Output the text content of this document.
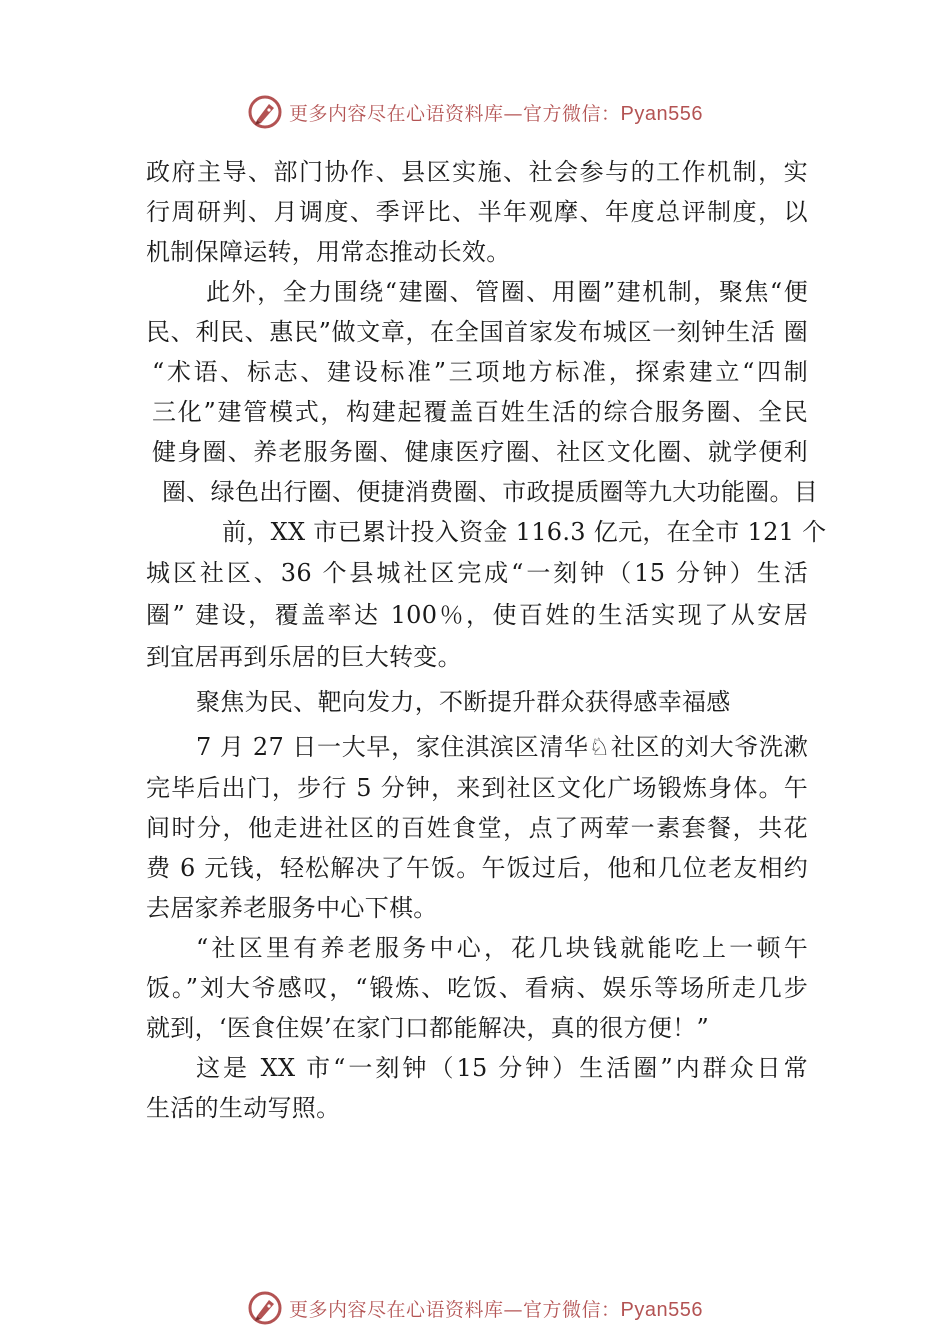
更多内容尽在心语资料库—官方微信：Pyan556
政府主导、部门协作、县区实施、社会参与的工作机制，实
行周研判、月调度、季评比、半年观摩、年度总评制度，以
机制保障运转，用常态推动长效。
此外，全力围绕“建圈、管圈、用圈”建机制，聚焦“便
民、利民、惠民”做文章，在全国首家发布城区一刻钟生活 圈
“术语、标志、建设标准”三项地方标准，探索建立“四制
三化”建管模式，构建起覆盖百姓生活的综合服务圈、全民
健身圈、养老服务圈、健康医疗圈、社区文化圈、就学便利
圈、绿色出行圈、便捷消费圈、市政提质圈等九大功能圈。目
前，XX 市已累计投入资金 116.3 亿元，在全市 121 个
城区社区、36 个县城社区完成“一刻钟（15 分钟）生活
圈” 建设，覆盖率达 100％，使百姓的生活实现了从安居
到宜居再到乐居的巨大转变。
聚焦为民、靶向发力，不断提升群众获得感幸福感
7 月 27 日一大早，家住淇滨区清华♘社区的刘大爷洗漱
完毕后出门，步行 5 分钟，来到社区文化广场锻炼身体。午
间时分，他走进社区的百姓食堂，点了两荤一素套餐，共花
费 6 元钱，轻松解决了午饭。午饭过后，他和几位老友相约
去居家养老服务中心下棋。
“社区里有养老服务中心，花几块钱就能吃上一顿午
饭。”刘大爷感叹，“锻炼、吃饭、看病、娱乐等场所走几步
就到，‘医食住娱’在家门口都能解决，真的很方便！”
这是 XX 市“一刻钟（15 分钟）生活圈”内群众日常
生活的生动写照。
更多内容尽在心语资料库—官方微信：Pyan556
